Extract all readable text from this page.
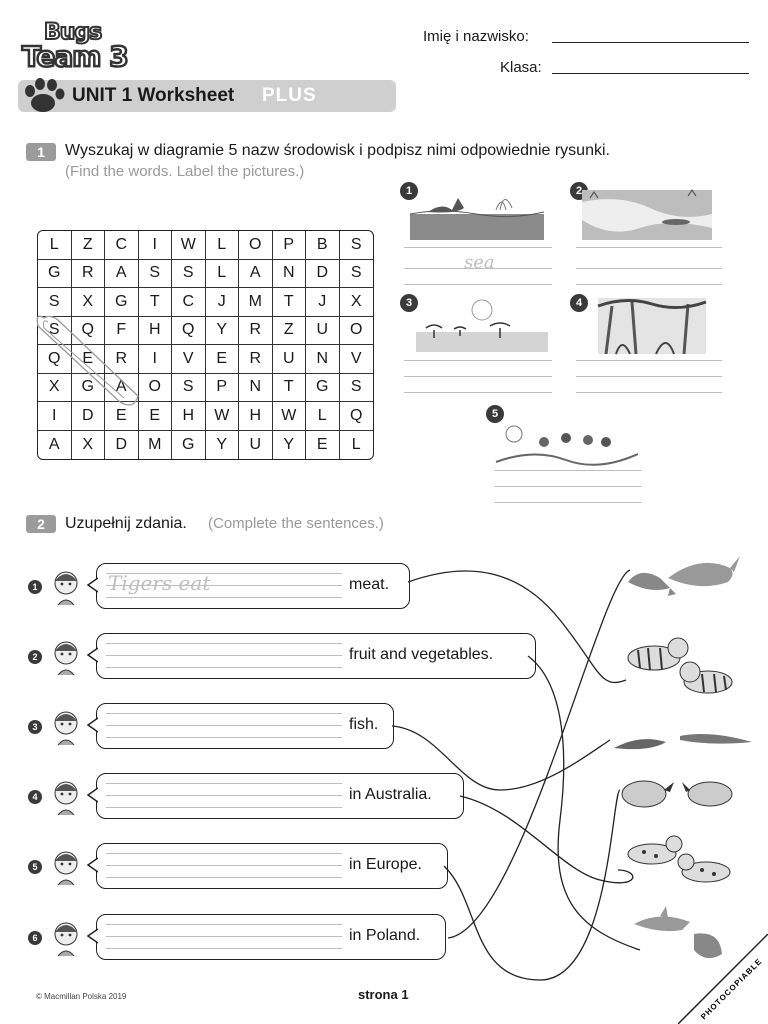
Bugs
Team 3
Imię i nazwisko:
Klasa:
UNIT 1 Worksheet PLUS
1	Wyszukaj w diagramie 5 nazw środowisk i podpisz nimi odpowiednie rysunki.
(Find the words. Label the pictures.)
L	Z	C	I	W	L	O	P	B	S
G	R	A	S	S	L	A	N	D	S
S	X	G	T	C	J	M	T	J	X
S	Q	F	H	Q	Y	R	Z	U	O
Q	E	R	I	V	E	R	U	N	V
X	G	A	O	S	P	N	T	G	S
I	D	E	E	H	W	H	W	L	Q
A	X	D	M	G	Y	U	Y	E	L
1
sea
2
3	4
5
2	Uzupełnij zdania. (Complete the sentences.)
1	Tigers eat	meat.
2	fruit and vegetables.
3	fish.
4	in Australia.
5	in Europe.
6	in Poland.
© Macmillan Polska 2019	strona 1	PHOTOCOPIABLE
